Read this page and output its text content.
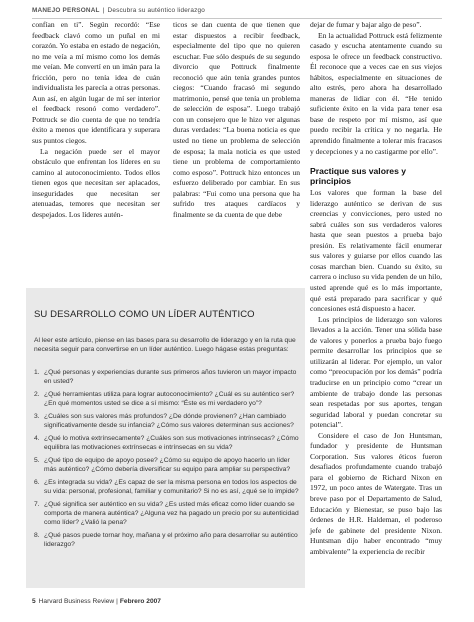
MANEJO PERSONAL | Descubra su auténtico liderazgo

confían en ti”. Según recordó: “Ese feedback clavó como un puñal en mi corazón. Yo estaba en estado de negación, no me veía a mí mismo como los demás me veían. Me convertí en un imán para la fricción, pero no tenía idea de cuán individualista les parecía a otras personas. Aun así, en algún lugar de mí ser interior el feedback resonó como verdadero”. Pottruck se dio cuenta de que no tendría éxito a menos que identificara y superara sus puntos ciegos.

La negación puede ser el mayor obstáculo que enfrentan los líderes en su camino al autoconocimiento. Todos ellos tienen egos que necesitan ser aplacados, inseguridades que necesitan ser atenuadas, temores que necesitan ser despejados. Los líderes autén-

ticos se dan cuenta de que tienen que estar dispuestos a recibir feedback, especialmente del tipo que no quieren escuchar. Fue sólo después de su segundo divorcio que Pottruck finalmente reconoció que aún tenía grandes puntos ciegos: “Cuando fracasó mi segundo matrimonio, pensé que tenía un problema de selección de esposa”. Luego trabajó con un consejero que le hizo ver algunas duras verdades: “La buena noticia es que usted no tiene un problema de selección de esposa; la mala noticia es que usted tiene un problema de comportamiento como esposo”. Pottruck hizo entonces un esfuerzo deliberado por cambiar. En sus palabras: “Fui como una persona que ha sufrido tres ataques cardíacos y finalmente se da cuenta de que debe

dejar de fumar y bajar algo de peso”.

En la actualidad Pottruck está felizmente casado y escucha atentamente cuando su esposa le ofrece un feedback constructivo. Él reconoce que a veces cae en sus viejos hábitos, especialmente en situaciones de alto estrés, pero ahora ha desarrollado maneras de lidiar con él. “He tenido suficiente éxito en la vida para tener esa base de respeto por mí mismo, así que puedo recibir la crítica y no negarla. He aprendido finalmente a tolerar mis fracasos y decepciones y a no castigarme por ello”.

Practique sus valores y principios

Los valores que forman la base del liderazgo auténtico se derivan de sus creencias y convicciones, pero usted no sabrá cuáles son sus verdaderos valores hasta que sean puestos a prueba bajo presión. Es relativamente fácil enumerar sus valores y guiarse por ellos cuando las cosas marchan bien. Cuando su éxito, su carrera o incluso su vida penden de un hilo, usted aprende qué es lo más importante, qué está preparado para sacrificar y qué concesiones está dispuesto a hacer.

Los principios de liderazgo son valores llevados a la acción. Tener una sólida base de valores y ponerlos a prueba bajo fuego permite desarrollar los principios que se utilizarán al liderar. Por ejemplo, un valor como “preocupación por los demás” podría traducirse en un principio como “crear un ambiente de trabajo donde las personas sean respetadas por sus aportes, tengan seguridad laboral y puedan concretar su potencial”.

Considere el caso de Jon Huntsman, fundador y presidente de Huntsman Corporation. Sus valores éticos fueron desafiados profundamente cuando trabajó para el gobierno de Richard Nixon en 1972, un poco antes de Watergate. Tras un breve paso por el Departamento de Salud, Educación y Bienestar, se puso bajo las órdenes de H.R. Haldeman, el poderoso jefe de gabinete del presidente Nixon. Huntsman dijo haber encontrado “muy ambivalente” la experiencia de recibir

SU DESARROLLO COMO UN LÍDER AUTÉNTICO
Al leer este artículo, piense en las bases para su desarrollo de liderazgo y en la ruta que necesita seguir para convertirse en un líder auténtico. Luego hágase estas preguntas:
1. ¿Qué personas y experiencias durante sus primeros años tuvieron un mayor impacto en usted?
2. ¿Qué herramientas utiliza para lograr autoconocimiento? ¿Cuál es su auténtico ser? ¿En qué momentos usted se dice a sí mismo: “Éste es mi verdadero yo”?
3. ¿Cuáles son sus valores más profundos? ¿De dónde provienen? ¿Han cambiado significativamente desde su infancia? ¿Cómo sus valores determinan sus acciones?
4. ¿Qué lo motiva extrínsecamente? ¿Cuáles son sus motivaciones intrínsecas? ¿Cómo equilibra las motivaciones extrínsecas e intrínsecas en su vida?
5. ¿Qué tipo de equipo de apoyo posee? ¿Cómo su equipo de apoyo hacerlo un líder más auténtico? ¿Cómo debería diversificar su equipo para ampliar su perspectiva?
6. ¿Es integrada su vida? ¿Es capaz de ser la misma persona en todos los aspectos de su vida: personal, profesional, familiar y comunitario? Si no es así, ¿qué se lo impide?
7. ¿Qué significa ser auténtico en su vida? ¿Es usted más eficaz como líder cuando se comporta de manera auténtica? ¿Alguna vez ha pagado un precio por su autenticidad como líder? ¿Valió la pena?
8. ¿Qué pasos puede tornar hoy, mañana y el próximo año para desarrollar su auténtico liderazgo?
5 Harvard Business Review | Febrero 2007
